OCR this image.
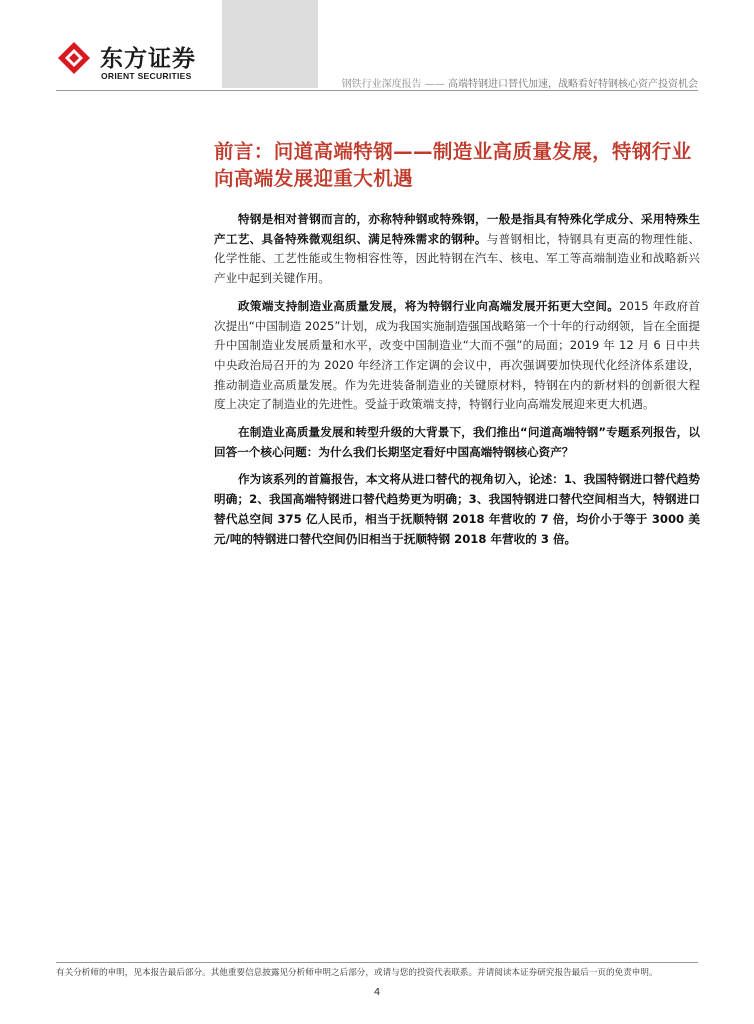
东方证券
ORIENT SECURITIES
钢铁行业深度报告 —— 高端特钢进口替代加速，战略看好特钢核心资产投资机会
前言：问道高端特钢——制造业高质量发展，特钢行业向高端发展迎重大机遇

特钢是相对普钢而言的，亦称特种钢或特殊钢，一般是指具有特殊化学成分、采用特殊生产工艺、具备特殊微观组织、满足特殊需求的钢种。与普钢相比，特钢具有更高的物理性能、化学性能、工艺性能或生物相容性等，因此特钢在汽车、核电、军工等高端制造业和战略新兴产业中起到关键作用。

政策端支持制造业高质量发展，将为特钢行业向高端发展开拓更大空间。2015 年政府首次提出“中国制造 2025”计划，成为我国实施制造强国战略第一个十年的行动纲领，旨在全面提升中国制造业发展质量和水平，改变中国制造业“大而不强”的局面；2019 年 12 月 6 日中共中央政治局召开的为 2020 年经济工作定调的会议中，再次强调要加快现代化经济体系建设，推动制造业高质量发展。作为先进装备制造业的关键原材料，特钢在内的新材料的创新很大程度上决定了制造业的先进性。受益于政策端支持，特钢行业向高端发展迎来更大机遇。

在制造业高质量发展和转型升级的大背景下，我们推出“问道高端特钢”专题系列报告，以回答一个核心问题：为什么我们长期坚定看好中国高端特钢核心资产？

作为该系列的首篇报告，本文将从进口替代的视角切入，论述：1、我国特钢进口替代趋势明确；2、我国高端特钢进口替代趋势更为明确；3、我国特钢进口替代空间相当大，特钢进口替代总空间 375 亿人民币，相当于抚顺特钢 2018 年营收的 7 倍，均价小于等于 3000 美元/吨的特钢进口替代空间仍旧相当于抚顺特钢 2018 年营收的 3 倍。

有关分析师的申明，见本报告最后部分。其他重要信息披露见分析师申明之后部分，或请与您的投资代表联系。并请阅读本证券研究报告最后一页的免责申明。
4
